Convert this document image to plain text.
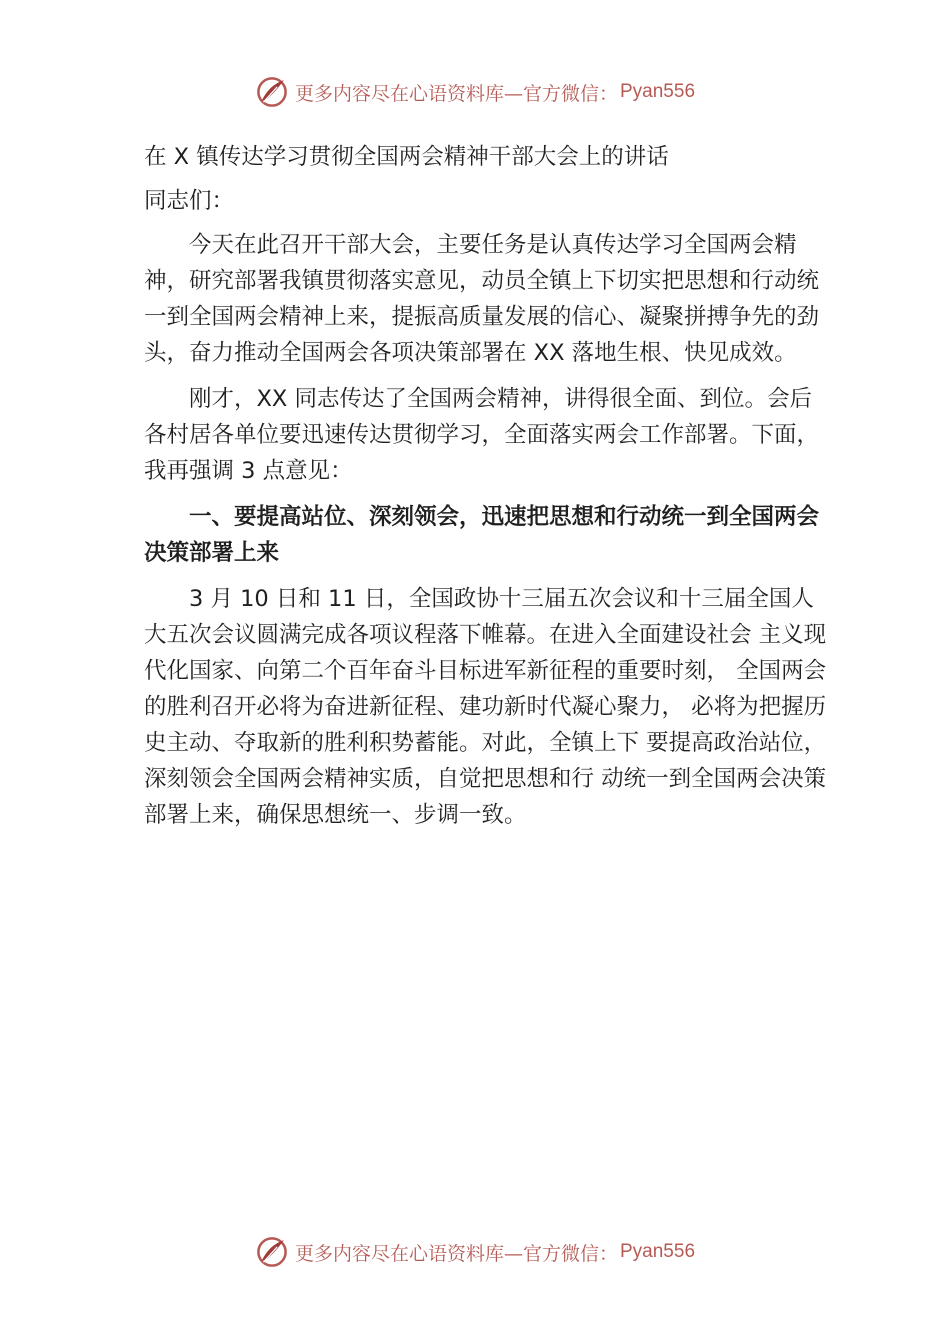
更多内容尽在心语资料库—官方微信： Pyan556

在 X 镇传达学习贯彻全国两会精神干部大会上的讲话

同志们：

今天在此召开干部大会，主要任务是认真传达学习全国两会精神，研究部署我镇贯彻落实意见，动员全镇上下切实把思想和行动统一到全国两会精神上来，提振高质量发展的信心、凝聚拼搏争先的劲头，奋力推动全国两会各项决策部署在 XX 落地生根、快见成效。

刚才，XX 同志传达了全国两会精神，讲得很全面、到位。会后各村居各单位要迅速传达贯彻学习，全面落实两会工作部署。下面，我再强调 3 点意见：

一、要提高站位、深刻领会，迅速把思想和行动统一到全国两会决策部署上来

3 月 10 日和 11 日，全国政协十三届五次会议和十三届全国人大五次会议圆满完成各项议程落下帷幕。在进入全面建设社会 主义现代化国家、向第二个百年奋斗目标进军新征程的重要时刻， 全国两会的胜利召开必将为奋进新征程、建功新时代凝心聚力， 必将为把握历史主动、夺取新的胜利积势蓄能。对此，全镇上下 要提高政治站位，深刻领会全国两会精神实质，自觉把思想和行 动统一到全国两会决策部署上来，确保思想统一、步调一致。

更多内容尽在心语资料库—官方微信： Pyan556
